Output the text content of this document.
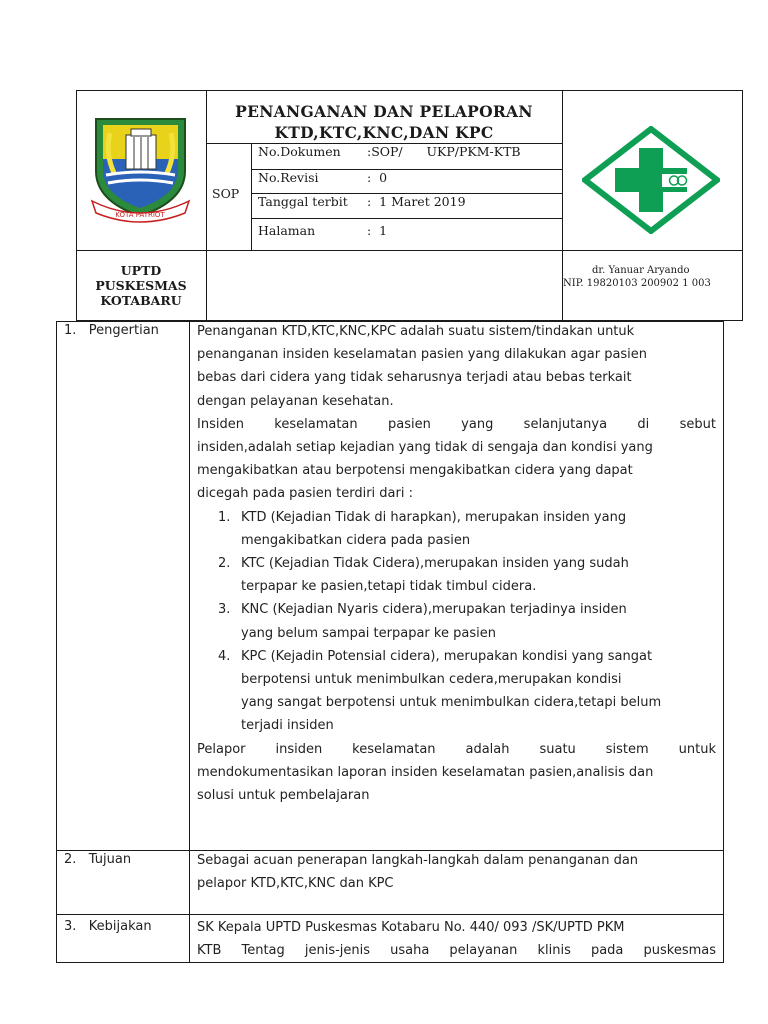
PENANGANAN DAN PELAPORAN
KTD,KTC,KNC,DAN KPC
SOP
No.Dokumen :SOP/      UKP/PKM-KTB
No.Revisi	:  0
Tanggal terbit :  1 Maret 2019
Halaman	:  1
UPTD
PUSKESMAS
KOTABARU
dr. Yanuar Aryando
NIP. 19820103 200902 1 003
KOTA PATRIOT
1.   Pengertian	Penanganan KTD,KTC,KNC,KPC adalah suatu sistem/tindakan untuk
penanganan insiden keselamatan pasien yang dilakukan agar pasien
bebas dari cidera yang tidak seharusnya terjadi atau bebas terkait
dengan pelayanan kesehatan.
Insiden keselamatan pasien yang selanjutanya di sebut
insiden,adalah setiap kejadian yang tidak di sengaja dan kondisi yang
mengakibatkan atau berpotensi mengakibatkan cidera yang dapat
dicegah pada pasien terdiri dari :
1. KTD (Kejadian Tidak di harapkan), merupakan insiden yang
mengakibatkan cidera pada pasien
2. KTC (Kejadian Tidak Cidera),merupakan insiden yang sudah
terpapar ke pasien,tetapi tidak timbul cidera.
3. KNC (Kejadian Nyaris cidera),merupakan terjadinya insiden
yang belum sampai terpapar ke pasien
4. KPC (Kejadin Potensial cidera), merupakan kondisi yang sangat
berpotensi untuk menimbulkan cedera,merupakan kondisi
yang sangat berpotensi untuk menimbulkan cidera,tetapi belum
terjadi insiden
Pelapor insiden keselamatan adalah suatu sistem untuk
mendokumentasikan laporan insiden keselamatan pasien,analisis dan
solusi untuk pembelajaran
2.   Tujuan	Sebagai acuan penerapan langkah-langkah dalam penanganan dan
pelapor KTD,KTC,KNC dan KPC
3.   Kebijakan	SK Kepala UPTD Puskesmas Kotabaru No. 440/ 093 /SK/UPTD PKM
KTB Tentag jenis-jenis usaha pelayanan klinis pada puskesmas
